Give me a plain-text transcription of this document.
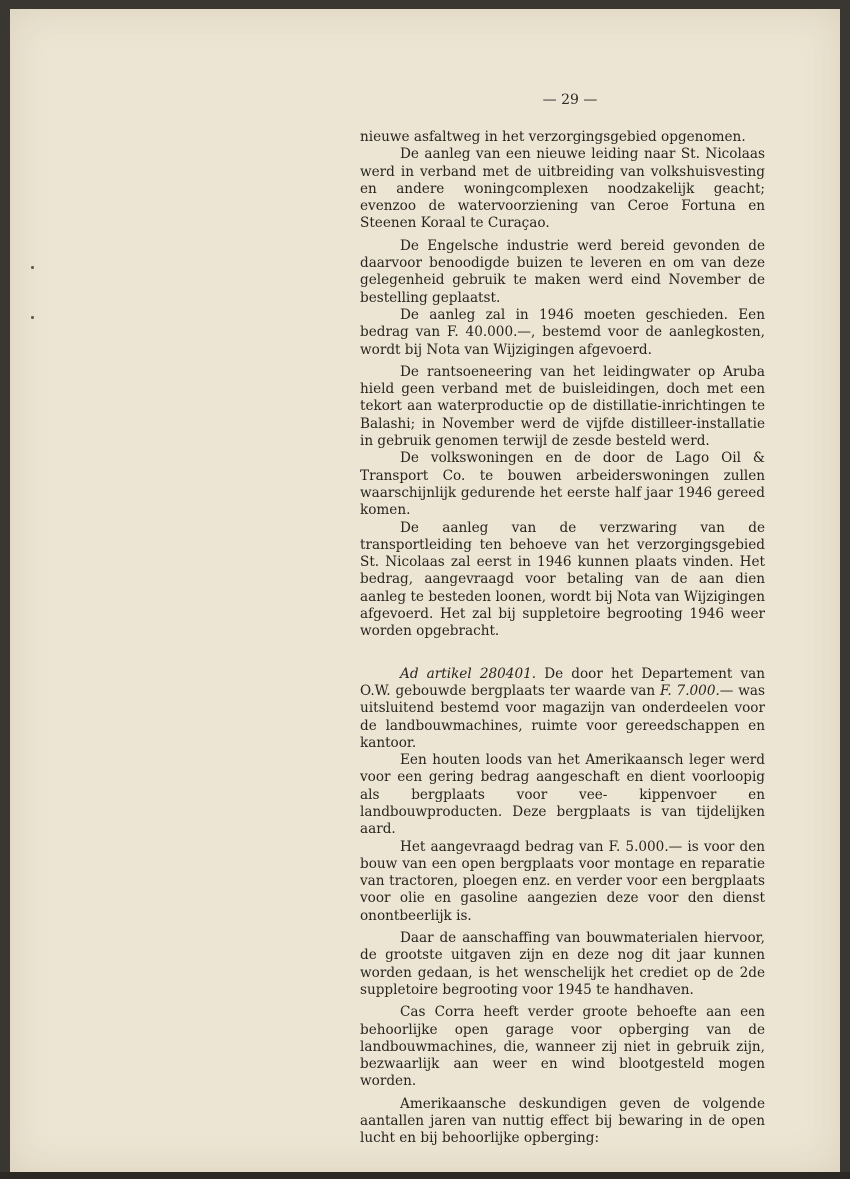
— 29 —

nieuwe asfaltweg in het verzorgingsgebied opgenomen.

De aanleg van een nieuwe leiding naar St. Nicolaas werd in verband met de uitbreiding van volkshuisvesting en andere woningcomplexen noodzakelijk geacht; evenzoo de watervoorziening van Ceroe Fortuna en Steenen Koraal te Curaçao.

De Engelsche industrie werd bereid gevonden de daarvoor benoodigde buizen te leveren en om van deze gelegenheid gebruik te maken werd eind November de bestelling geplaatst.

De aanleg zal in 1946 moeten geschieden. Een bedrag van F. 40.000.—, bestemd voor de aanlegkosten, wordt bij Nota van Wijzigingen afgevoerd.

De rantsoeneering van het leidingwater op Aruba hield geen verband met de buisleidingen, doch met een tekort aan waterproductie op de distillatie-inrichtingen te Balashi; in November werd de vijfde distilleer-installatie in gebruik genomen terwijl de zesde besteld werd.

De volkswoningen en de door de Lago Oil & Transport Co. te bouwen arbeiderswoningen zullen waarschijnlijk gedurende het eerste half jaar 1946 gereed komen.

De aanleg van de verzwaring van de transportleiding ten behoeve van het verzorgingsgebied St. Nicolaas zal eerst in 1946 kunnen plaats vinden. Het bedrag, aangevraagd voor betaling van de aan dien aanleg te besteden loonen, wordt bij Nota van Wijzigingen afgevoerd. Het zal bij suppletoire begrooting 1946 weer worden opgebracht.

Ad artikel 280401. De door het Departement van O.W. gebouwde bergplaats ter waarde van F. 7.000.— was uitsluitend bestemd voor magazijn van onderdeelen voor de landbouwmachines, ruimte voor gereedschappen en kantoor.

Een houten loods van het Amerikaansch leger werd voor een gering bedrag aangeschaft en dient voorloopig als bergplaats voor vee- kippenvoer en landbouwproducten. Deze bergplaats is van tijdelijken aard.

Het aangevraagd bedrag van F. 5.000.— is voor den bouw van een open bergplaats voor montage en reparatie van tractoren, ploegen enz. en verder voor een bergplaats voor olie en gasoline aangezien deze voor den dienst onontbeerlijk is.

Daar de aanschaffing van bouwmaterialen hiervoor, de grootste uitgaven zijn en deze nog dit jaar kunnen worden gedaan, is het wenschelijk het crediet op de 2de suppletoire begrooting voor 1945 te handhaven.

Cas Corra heeft verder groote behoefte aan een behoorlijke open garage voor opberging van de landbouwmachines, die, wanneer zij niet in gebruik zijn, bezwaarlijk aan weer en wind blootgesteld mogen worden.

Amerikaansche deskundigen geven de volgende aantallen jaren van nuttig effect bij bewaring in de open lucht en bij behoorlijke opberging:
